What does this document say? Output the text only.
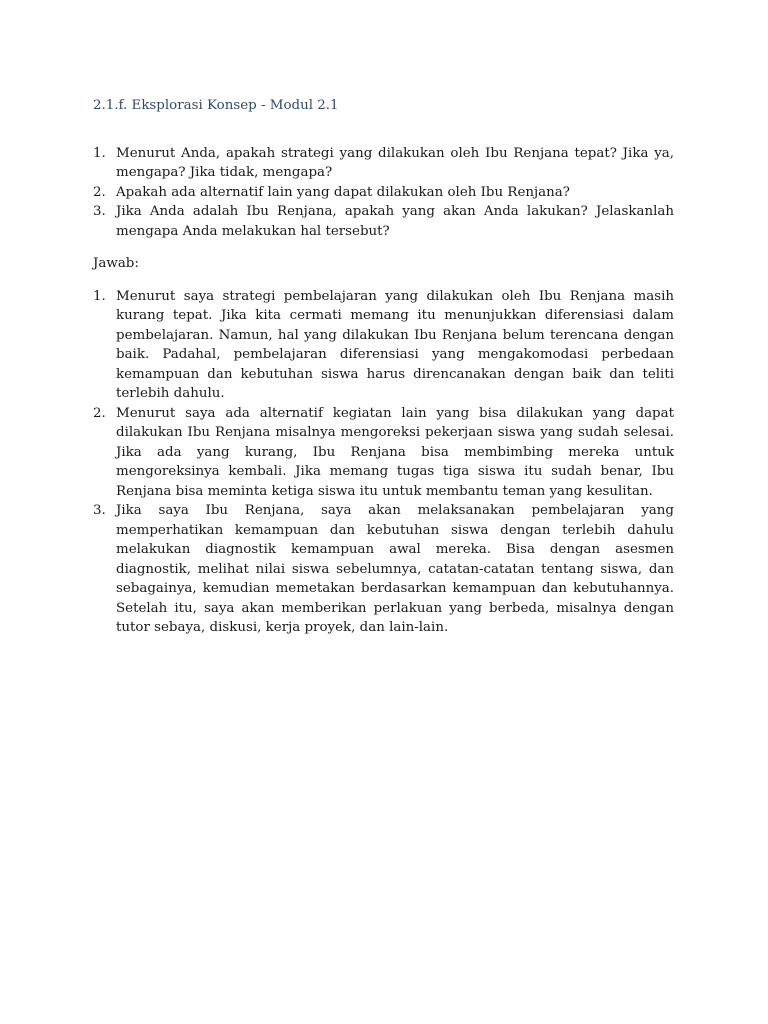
2.1.f. Eksplorasi Konsep - Modul 2.1
1. Menurut Anda, apakah strategi yang dilakukan oleh Ibu Renjana tepat? Jika ya, mengapa? Jika tidak, mengapa?
2. Apakah ada alternatif lain yang dapat dilakukan oleh Ibu Renjana?
3. Jika Anda adalah Ibu Renjana, apakah yang akan Anda lakukan? Jelaskanlah mengapa Anda melakukan hal tersebut?
Jawab:
1. Menurut saya strategi pembelajaran yang dilakukan oleh Ibu Renjana masih kurang tepat. Jika kita cermati memang itu menunjukkan diferensiasi dalam pembelajaran. Namun, hal yang dilakukan Ibu Renjana belum terencana dengan baik. Padahal, pembelajaran diferensiasi yang mengakomodasi perbedaan kemampuan dan kebutuhan siswa harus direncanakan dengan baik dan teliti terlebih dahulu.
2. Menurut saya ada alternatif kegiatan lain yang bisa dilakukan yang dapat dilakukan Ibu Renjana misalnya mengoreksi pekerjaan siswa yang sudah selesai. Jika ada yang kurang, Ibu Renjana bisa membimbing mereka untuk mengoreksinya kembali. Jika memang tugas tiga siswa itu sudah benar, Ibu Renjana bisa meminta ketiga siswa itu untuk membantu teman yang kesulitan.
3. Jika saya Ibu Renjana, saya akan melaksanakan pembelajaran yang memperhatikan kemampuan dan kebutuhan siswa dengan terlebih dahulu melakukan diagnostik kemampuan awal mereka. Bisa dengan asesmen diagnostik, melihat nilai siswa sebelumnya, catatan-catatan tentang siswa, dan sebagainya, kemudian memetakan berdasarkan kemampuan dan kebutuhannya. Setelah itu, saya akan memberikan perlakuan yang berbeda, misalnya dengan tutor sebaya, diskusi, kerja proyek, dan lain-lain.
